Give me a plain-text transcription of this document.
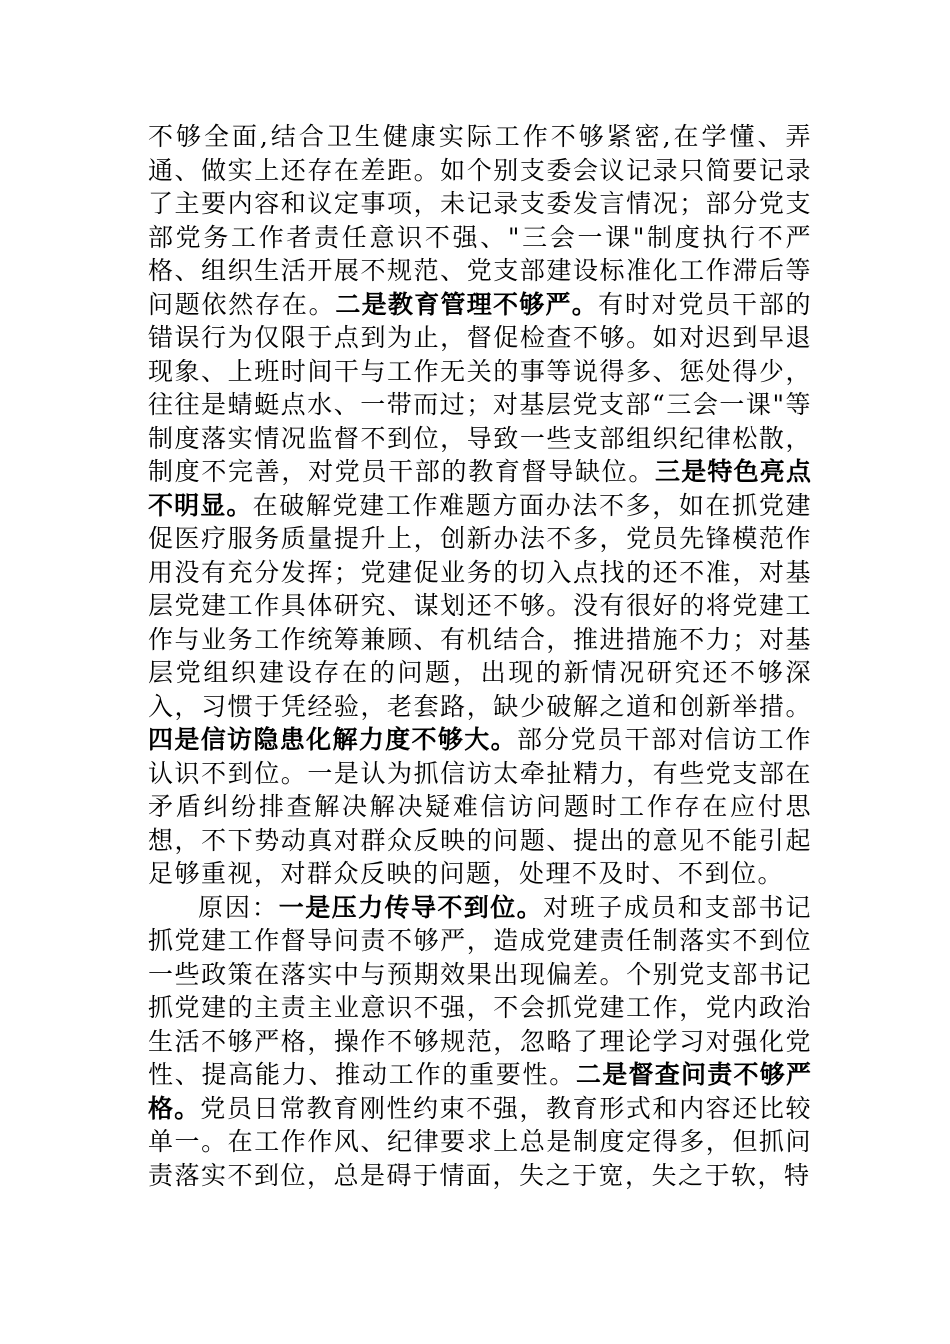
不够全面,结合卫生健康实际工作不够紧密,在学懂、弄通、做实上还存在差距。如个别支委会议记录只简要记录了主要内容和议定事项，未记录支委发言情况；部分党支部党务工作者责任意识不强、"三会一课"制度执行不严格、组织生活开展不规范、党支部建设标准化工作滞后等问题依然存在。二是教育管理不够严。有时对党员干部的错误行为仅限于点到为止，督促检查不够。如对迟到早退现象、上班时间干与工作无关的事等说得多、惩处得少，往往是蜻蜓点水、一带而过；对基层党支部“三会一课"等制度落实情况监督不到位，导致一些支部组织纪律松散，制度不完善，对党员干部的教育督导缺位。三是特色亮点不明显。在破解党建工作难题方面办法不多，如在抓党建促医疗服务质量提升上，创新办法不多，党员先锋模范作用没有充分发挥；党建促业务的切入点找的还不准，对基层党建工作具体研究、谋划还不够。没有很好的将党建工作与业务工作统筹兼顾、有机结合，推进措施不力；对基层党组织建设存在的问题，出现的新情况研究还不够深入，习惯于凭经验，老套路，缺少破解之道和创新举措。四是信访隐患化解力度不够大。部分党员干部对信访工作认识不到位。一是认为抓信访太牵扯精力，有些党支部在矛盾纠纷排查解决解决疑难信访问题时工作存在应付思想，不下势动真对群众反映的问题、提出的意见不能引起足够重视，对群众反映的问题，处理不及时、不到位。

原因：一是压力传导不到位。对班子成员和支部书记抓党建工作督导问责不够严，造成党建责任制落实不到位一些政策在落实中与预期效果出现偏差。个别党支部书记抓党建的主责主业意识不强，不会抓党建工作，党内政治生活不够严格，操作不够规范，忽略了理论学习对强化党性、提高能力、推动工作的重要性。二是督查问责不够严格。党员日常教育刚性约束不强，教育形式和内容还比较单一。在工作作风、纪律要求上总是制度定得多，但抓问责落实不到位，总是碍于情面，失之于宽，失之于软，特
